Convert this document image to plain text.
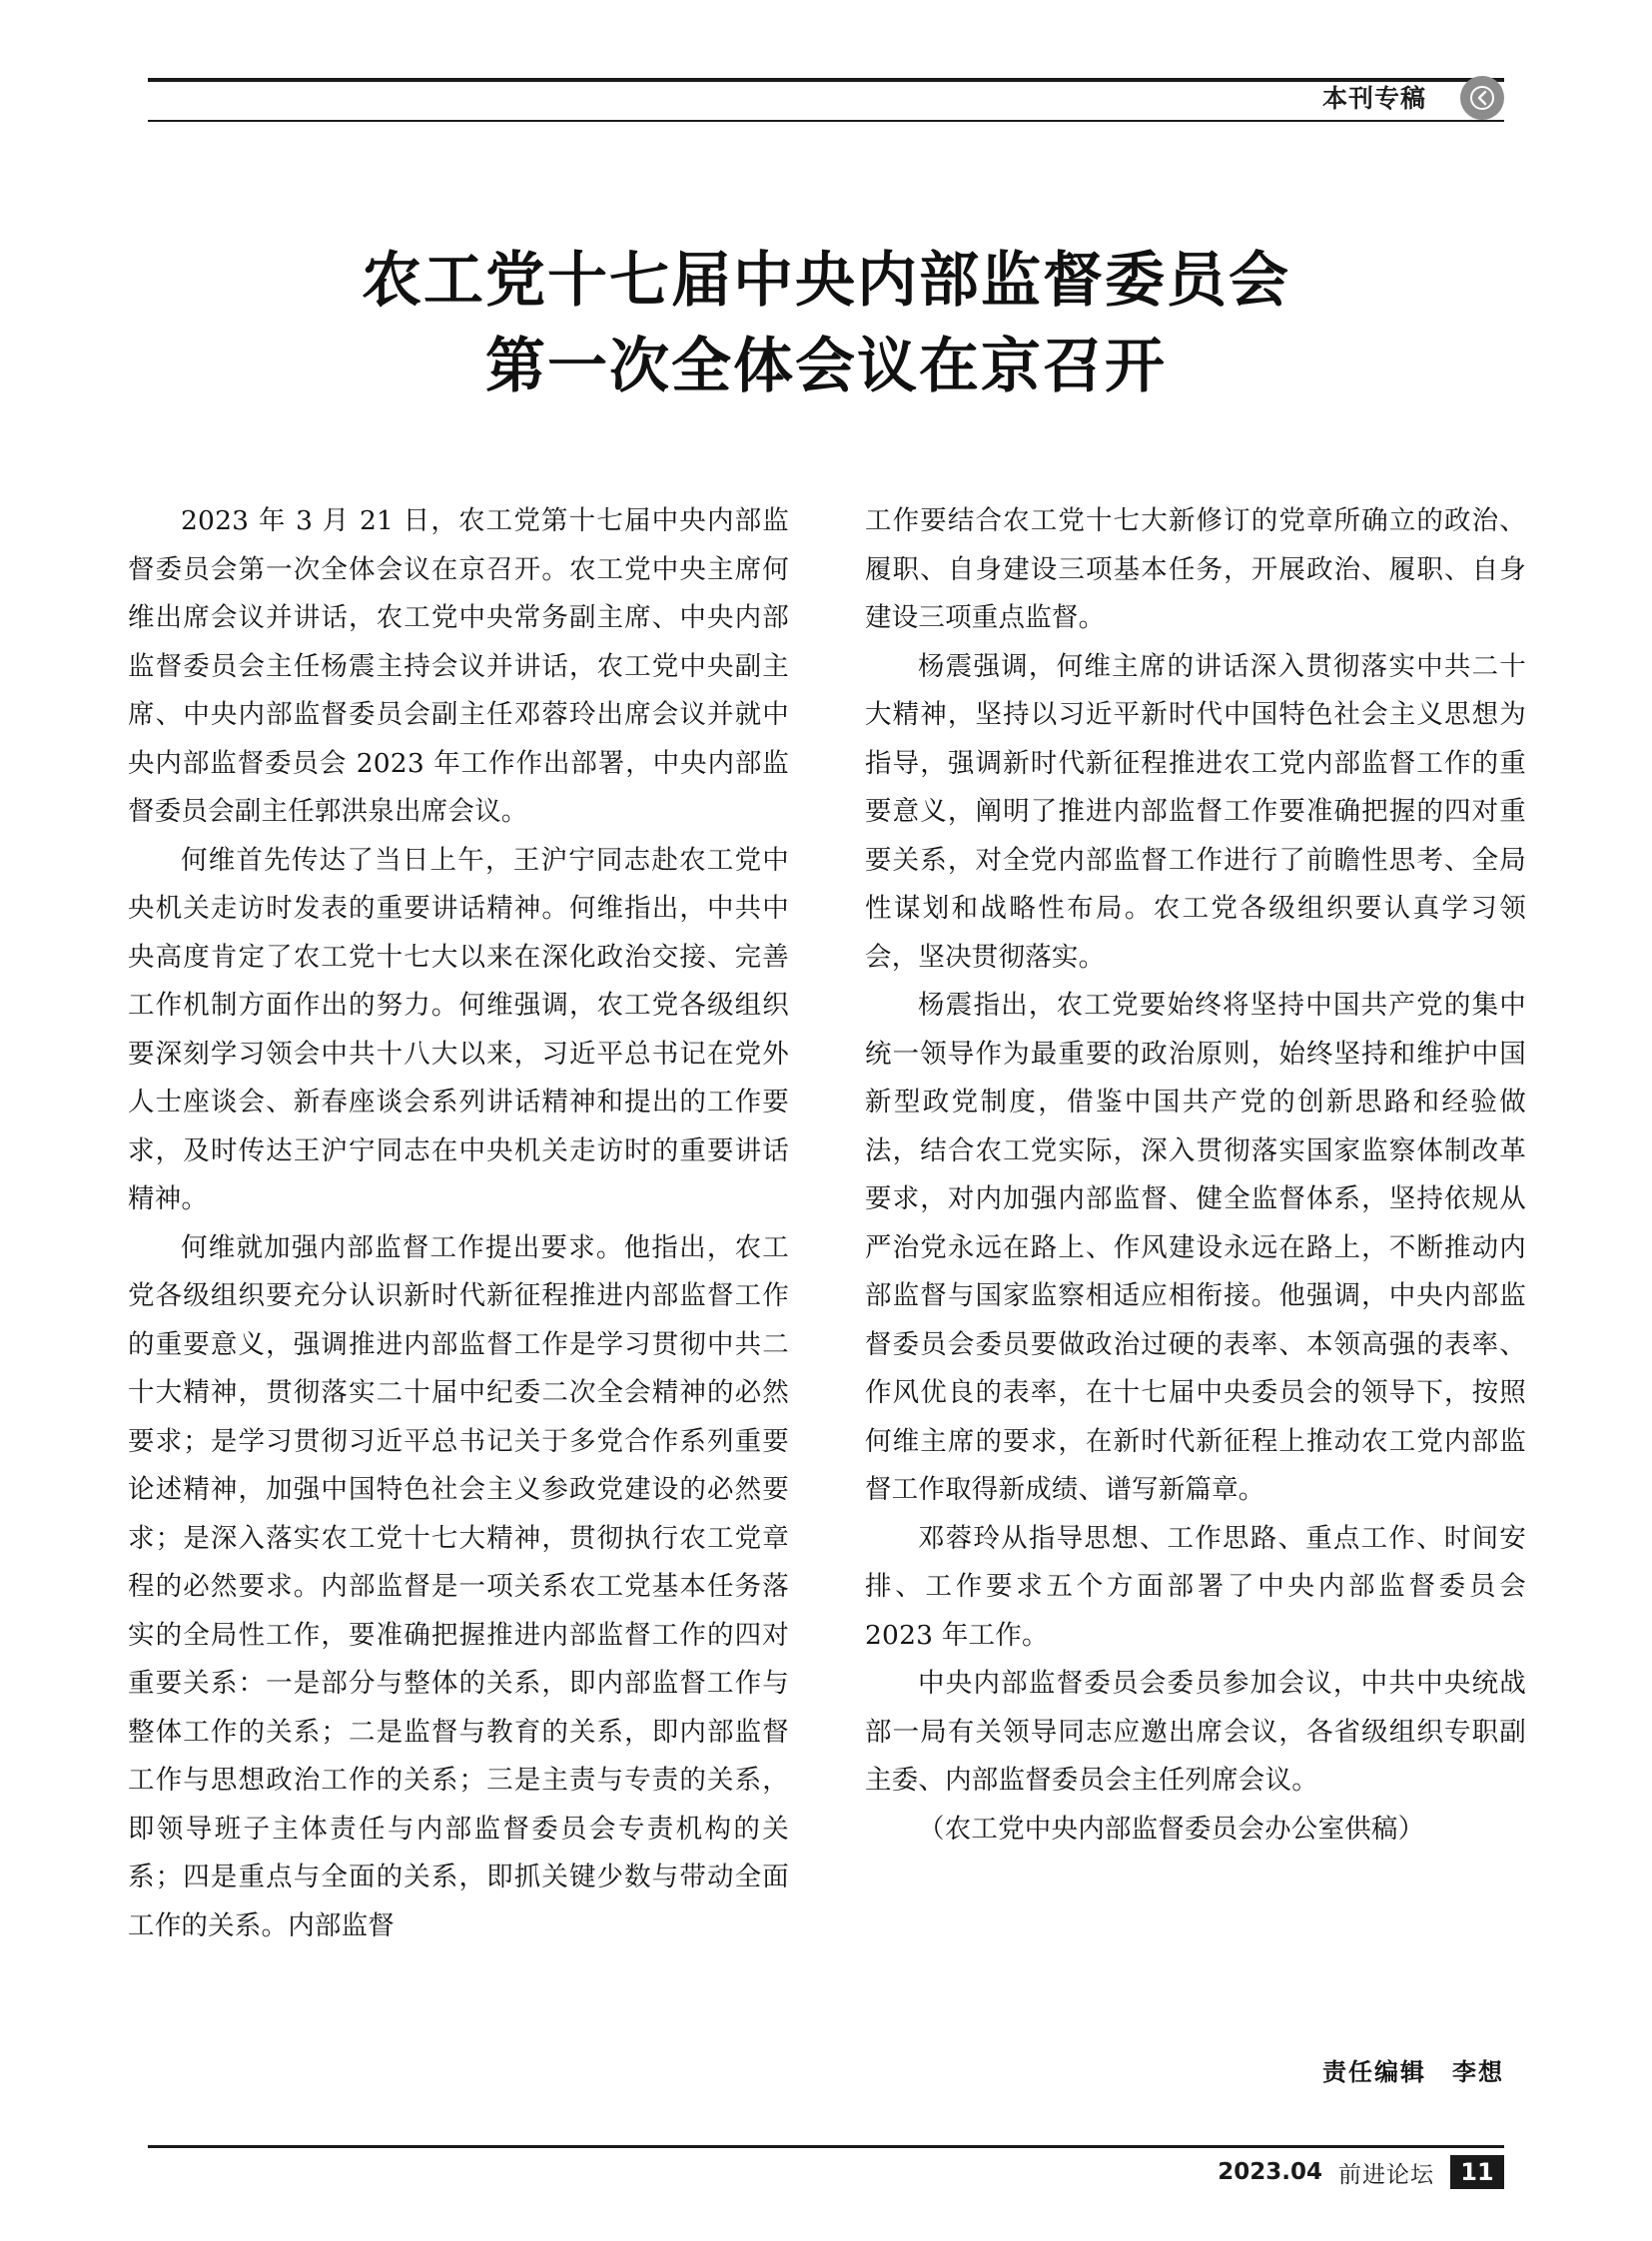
本刊专稿
农工党十七届中央内部监督委员会
第一次全体会议在京召开

2023 年 3 月 21 日，农工党第十七届中央内部监督委员会第一次全体会议在京召开。农工党中央主席何维出席会议并讲话，农工党中央常务副主席、中央内部监督委员会主任杨震主持会议并讲话，农工党中央副主席、中央内部监督委员会副主任邓蓉玲出席会议并就中央内部监督委员会 2023 年工作作出部署，中央内部监督委员会副主任郭洪泉出席会议。

何维首先传达了当日上午，王沪宁同志赴农工党中央机关走访时发表的重要讲话精神。何维指出，中共中央高度肯定了农工党十七大以来在深化政治交接、完善工作机制方面作出的努力。何维强调，农工党各级组织要深刻学习领会中共十八大以来，习近平总书记在党外人士座谈会、新春座谈会系列讲话精神和提出的工作要求，及时传达王沪宁同志在中央机关走访时的重要讲话精神。

何维就加强内部监督工作提出要求。他指出，农工党各级组织要充分认识新时代新征程推进内部监督工作的重要意义，强调推进内部监督工作是学习贯彻中共二十大精神，贯彻落实二十届中纪委二次全会精神的必然要求；是学习贯彻习近平总书记关于多党合作系列重要论述精神，加强中国特色社会主义参政党建设的必然要求；是深入落实农工党十七大精神，贯彻执行农工党章程的必然要求。内部监督是一项关系农工党基本任务落实的全局性工作，要准确把握推进内部监督工作的四对重要关系：一是部分与整体的关系，即内部监督工作与整体工作的关系；二是监督与教育的关系，即内部监督工作与思想政治工作的关系；三是主责与专责的关系，即领导班子主体责任与内部监督委员会专责机构的关系；四是重点与全面的关系，即抓关键少数与带动全面工作的关系。内部监督

工作要结合农工党十七大新修订的党章所确立的政治、履职、自身建设三项基本任务，开展政治、履职、自身建设三项重点监督。

杨震强调，何维主席的讲话深入贯彻落实中共二十大精神，坚持以习近平新时代中国特色社会主义思想为指导，强调新时代新征程推进农工党内部监督工作的重要意义，阐明了推进内部监督工作要准确把握的四对重要关系，对全党内部监督工作进行了前瞻性思考、全局性谋划和战略性布局。农工党各级组织要认真学习领会，坚决贯彻落实。

杨震指出，农工党要始终将坚持中国共产党的集中统一领导作为最重要的政治原则，始终坚持和维护中国新型政党制度，借鉴中国共产党的创新思路和经验做法，结合农工党实际，深入贯彻落实国家监察体制改革要求，对内加强内部监督、健全监督体系，坚持依规从严治党永远在路上、作风建设永远在路上，不断推动内部监督与国家监察相适应相衔接。他强调，中央内部监督委员会委员要做政治过硬的表率、本领高强的表率、作风优良的表率，在十七届中央委员会的领导下，按照何维主席的要求，在新时代新征程上推动农工党内部监督工作取得新成绩、谱写新篇章。

邓蓉玲从指导思想、工作思路、重点工作、时间安排、工作要求五个方面部署了中央内部监督委员会 2023 年工作。

中央内部监督委员会委员参加会议，中共中央统战部一局有关领导同志应邀出席会议，各省级组织专职副主委、内部监督委员会主任列席会议。

（农工党中央内部监督委员会办公室供稿）

责任编辑　李想
2023.04 前进论坛	11
